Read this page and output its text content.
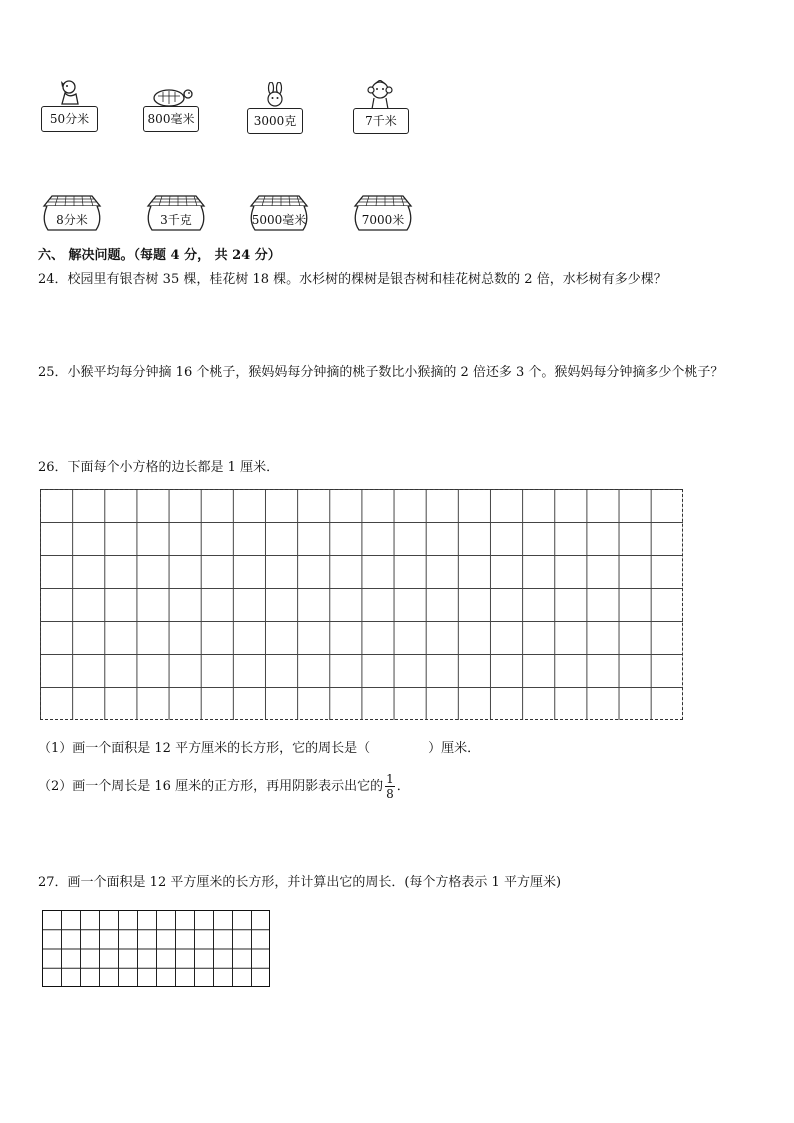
50分米	800毫米	3000克	7千米
8分米	3千克	5000毫米	7000米
六、 解决问题。（每题 4 分， 共 24 分）
24．校园里有银杏树 35 棵，桂花树 18 棵。水杉树的棵树是银杏树和桂花树总数的 2 倍，水杉树有多少棵？
25．小猴平均每分钟摘 16 个桃子，猴妈妈每分钟摘的桃子数比小猴摘的 2 倍还多 3 个。猴妈妈每分钟摘多少个桃子？
26．下面每个小方格的边长都是 1 厘米．
（1）画一个面积是 12 平方厘米的长方形，它的周长是（	）厘米．
（2）画一个周长是 16 厘米的正方形，再用阴影表示出它的 $\frac{1}{8}$ ．
27．画一个面积是 12 平方厘米的长方形，并计算出它的周长．(每个方格表示 1 平方厘米)
